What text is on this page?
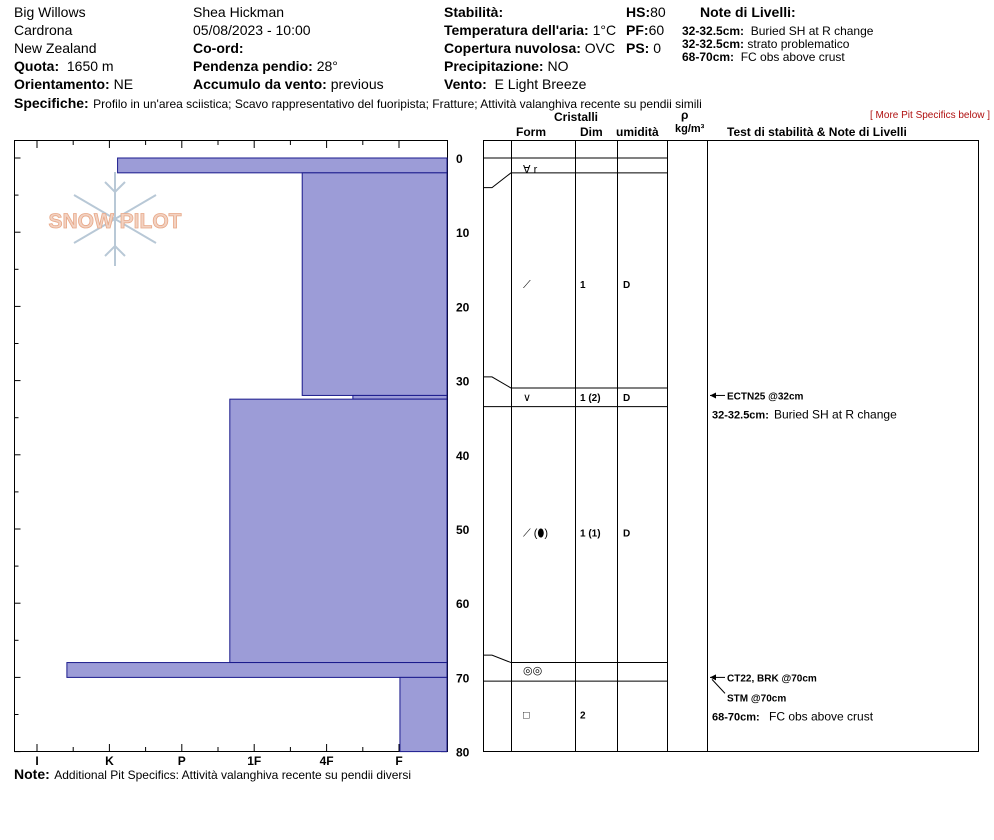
Big Willows
Cardrona
New Zealand
Quota: 1650 m
Orientamento: NE
Shea Hickman
05/08/2023 - 10:00
Co-ord:
Pendenza pendio: 28°
Accumulo da vento: previous
Stabilità:
Temperatura dell'aria: 1°C
Copertura nuvolosa: OVC
Precipitazione: NO
Vento: E Light Breeze
HS:80
PF:60
PS: 0
Note di Livelli:
32-32.5cm: Buried SH at R change
32-32.5cm: strato problematico
68-70cm: FC obs above crust
Specifiche: Profilo in un'area sciistica; Scavo rappresentativo del fuoripista; Fratture; Attività valanghiva recente su pendii simili
[ More Pit Specifics below ]
Cristalli
Form	Dim umidità
ρ
kg/m³ Test di stabilità & Note di Livelli
SNOW PILOT
0
10
20
30
40
50
60
70
80
I	K	P	1F	4F	F
∀ r
⟋	1	D
∨	1 (2) D
⟋ (⬮)	1 (1) D
◎◎
□	2
ECTN25 @32cm
CT22, BRK @70cm
STM @70cm
32-32.5cm: Buried SH at R change
68-70cm: FC obs above crust
Note: Additional Pit Specifics: Attività valanghiva recente su pendii diversi
